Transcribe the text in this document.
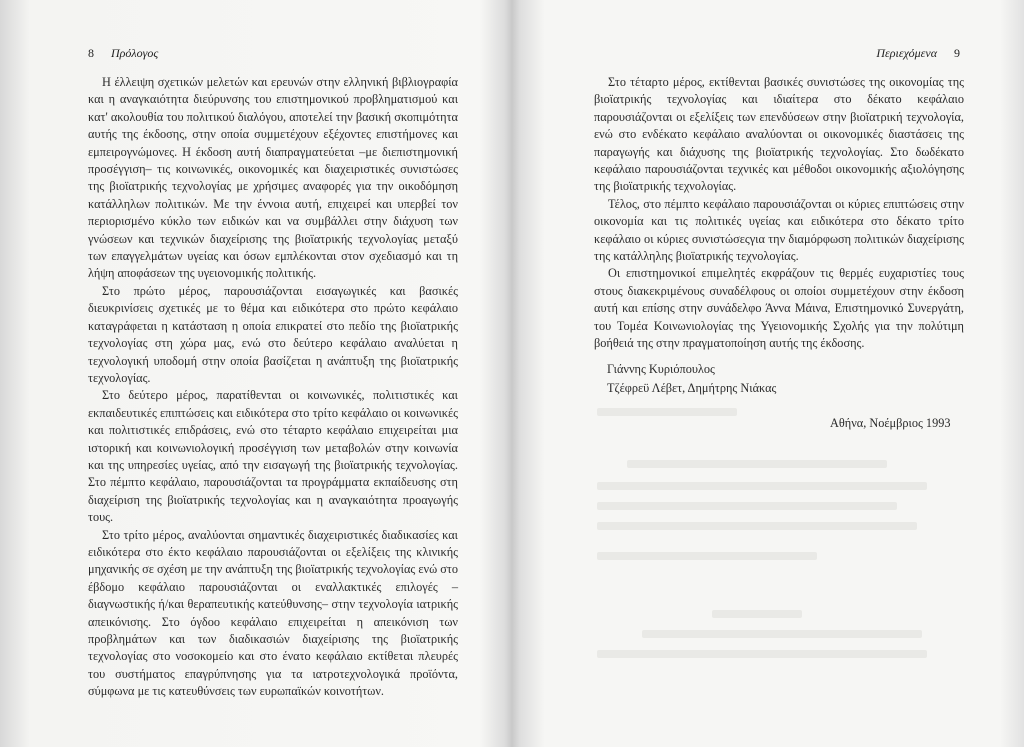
8 Πρόλογος

Η έλλειψη σχετικών μελετών και ερευνών στην ελληνική βιβλιογραφία και η αναγκαιότητα διεύρυνσης του επιστημονικού προβληματισμού και κατ' ακολουθία του πολιτικού διαλόγου, αποτελεί την βασική σκοπιμότητα αυτής της έκδοσης, στην οποία συμμετέχουν εξέχοντες επιστήμονες και εμπειρογνώμονες. Η έκδοση αυτή διαπραγματεύεται –με διεπιστημονική προσέγγιση– τις κοινωνικές, οικονομικές και διαχειριστικές συνιστώσες της βιοϊατρικής τεχνολογίας με χρήσιμες αναφορές για την οικοδόμηση κατάλληλων πολιτικών. Με την έννοια αυτή, επιχειρεί και υπερβεί τον περιορισμένο κύκλο των ειδικών και να συμβάλλει στην διάχυση των γνώσεων και τεχνικών διαχείρισης της βιοϊατρικής τεχνολογίας μεταξύ των επαγγελμάτων υγείας και όσων εμπλέκονται στον σχεδιασμό και τη λήψη αποφάσεων της υγειονομικής πολιτικής.

Στο πρώτο μέρος, παρουσιάζονται εισαγωγικές και βασικές διευκρινίσεις σχετικές με το θέμα και ειδικότερα στο πρώτο κεφάλαιο καταγράφεται η κατάσταση η οποία επικρατεί στο πεδίο της βιοϊατρικής τεχνολογίας στη χώρα μας, ενώ στο δεύτερο κεφάλαιο αναλύεται η τεχνολογική υποδομή στην οποία βασίζεται η ανάπτυξη της βιοϊατρικής τεχνολογίας.

Στο δεύτερο μέρος, παρατίθενται οι κοινωνικές, πολιτιστικές και εκπαιδευτικές επιπτώσεις και ειδικότερα στο τρίτο κεφάλαιο οι κοινωνικές και πολιτιστικές επιδράσεις, ενώ στο τέταρτο κεφάλαιο επιχειρείται μια ιστορική και κοινωνιολογική προσέγγιση των μεταβολών στην κοινωνία και της υπηρεσίες υγείας, από την εισαγωγή της βιοϊατρικής τεχνολογίας. Στο πέμπτο κεφάλαιο, παρουσιάζονται τα προγράμματα εκπαίδευσης στη διαχείριση της βιοϊατρικής τεχνολογίας και η αναγκαιότητα προαγωγής τους.

Στο τρίτο μέρος, αναλύονται σημαντικές διαχειριστικές διαδικασίες και ειδικότερα στο έκτο κεφάλαιο παρουσιάζονται οι εξελίξεις της κλινικής μηχανικής σε σχέση με την ανάπτυξη της βιοϊατρικής τεχνολογίας ενώ στο έβδομο κεφάλαιο παρουσιάζονται οι εναλλακτικές επιλογές – διαγνωστικής ή/και θεραπευτικής κατεύθυνσης– στην τεχνολογία ιατρικής απεικόνισης. Στο όγδοο κεφάλαιο επιχειρείται η απεικόνιση των προβλημάτων και των διαδικασιών διαχείρισης της βιοϊατρικής τεχνολογίας στο νοσοκομείο και στο ένατο κεφάλαιο εκτίθεται πλευρές του συστήματος επαγρύπνησης για τα ιατροτεχνολογικά προϊόντα, σύμφωνα με τις κατευθύνσεις των ευρωπαϊκών κοινοτήτων.

Περιεχόμενα 9

Στο τέταρτο μέρος, εκτίθενται βασικές συνιστώσες της οικονομίας της βιοϊατρικής τεχνολογίας και ιδιαίτερα στο δέκατο κεφάλαιο παρουσιάζονται οι εξελίξεις των επενδύσεων στην βιοϊατρική τεχνολογία, ενώ στο ενδέκατο κεφάλαιο αναλύονται οι οικονομικές διαστάσεις της παραγωγής και διάχυσης της βιοϊατρικής τεχνολογίας. Στο δωδέκατο κεφάλαιο παρουσιάζονται τεχνικές και μέθοδοι οικονομικής αξιολόγησης της βιοϊατρικής τεχνολογίας.

Τέλος, στο πέμπτο κεφάλαιο παρουσιάζονται οι κύριες επιπτώσεις στην οικονομία και τις πολιτικές υγείας και ειδικότερα στο δέκατο τρίτο κεφάλαιο οι κύριες συνιστώσεςγια την διαμόρφωση πολιτικών διαχείρισης της κατάλληλης βιοϊατρικής τεχνολογίας.

Οι επιστημονικοί επιμελητές εκφράζουν τις θερμές ευχαριστίες τους στους διακεκριμένους συναδέλφους οι οποίοι συμμετέχουν στην έκδοση αυτή και επίσης στην συνάδελφο Άννα Μάινα, Επιστημονικό Συνεργάτη, του Τομέα Κοινωνιολογίας της Υγειονομικής Σχολής για την πολύτιμη βοήθειά της στην πραγματοποίηση αυτής της έκδοσης.

Γιάννης Κυριόπουλος
Τζέφρεϋ Λέβετ, Δημήτρης Νιάκας
Αθήνα, Νοέμβριος 1993
